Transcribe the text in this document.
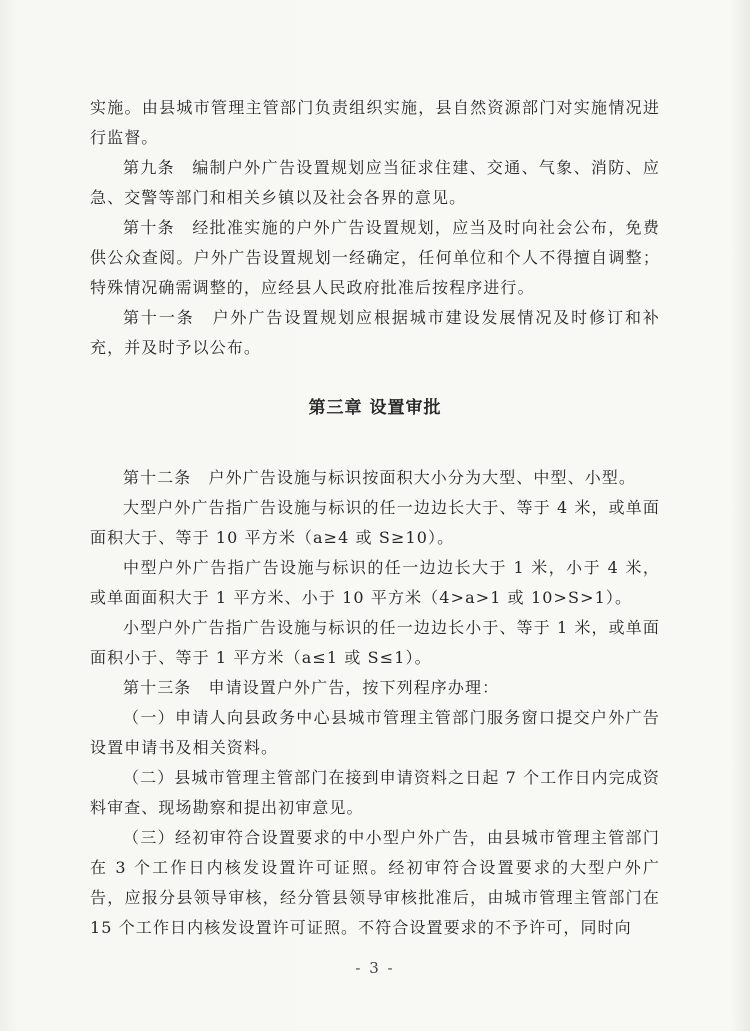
实施。由县城市管理主管部门负责组织实施，县自然资源部门对实施情况进行监督。

第九条　编制户外广告设置规划应当征求住建、交通、气象、消防、应急、交警等部门和相关乡镇以及社会各界的意见。

第十条　经批准实施的户外广告设置规划，应当及时向社会公布，免费供公众查阅。户外广告设置规划一经确定，任何单位和个人不得擅自调整；特殊情况确需调整的，应经县人民政府批准后按程序进行。

第十一条　户外广告设置规划应根据城市建设发展情况及时修订和补充，并及时予以公布。

第三章 设置审批

第十二条　户外广告设施与标识按面积大小分为大型、中型、小型。

大型户外广告指广告设施与标识的任一边边长大于、等于 4 米，或单面面积大于、等于 10 平方米（a≥4 或 S≥10）。

中型户外广告指广告设施与标识的任一边边长大于 1 米，小于 4 米，或单面面积大于 1 平方米、小于 10 平方米（4>a>1 或 10>S>1）。

小型户外广告指广告设施与标识的任一边边长小于、等于 1 米，或单面面积小于、等于 1 平方米（a≤1 或 S≤1）。

第十三条　申请设置户外广告，按下列程序办理：

（一）申请人向县政务中心县城市管理主管部门服务窗口提交户外广告设置申请书及相关资料。

（二）县城市管理主管部门在接到申请资料之日起 7 个工作日内完成资料审查、现场勘察和提出初审意见。

（三）经初审符合设置要求的中小型户外广告，由县城市管理主管部门在 3 个工作日内核发设置许可证照。经初审符合设置要求的大型户外广告，应报分县领导审核，经分管县领导审核批准后，由城市管理主管部门在 15 个工作日内核发设置许可证照。不符合设置要求的不予许可，同时向

- 3 -
